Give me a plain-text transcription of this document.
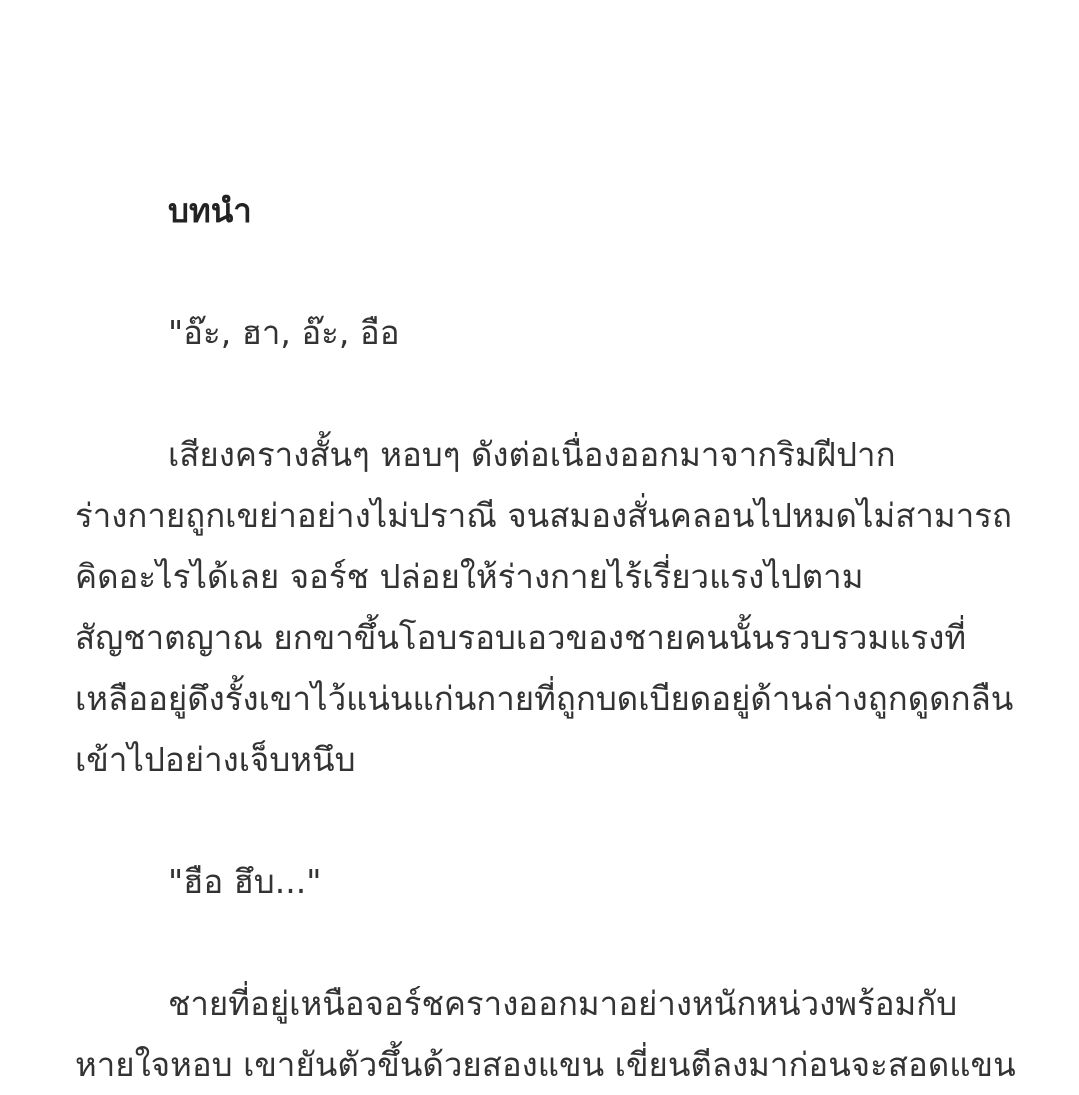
บทนำ

"อ๊ะ, ฮา, อ๊ะ, อือ

เสียงครางสั้นๆ หอบๆ ดังต่อเนื่องออกมาจากริมฝีปาก
ร่างกายถูกเขย่าอย่างไม่ปราณี จนสมองสั่นคลอนไปหมดไม่สามารถ
คิดอะไรได้เลย จอร์ช ปล่อยให้ร่างกายไร้เรี่ยวแรงไปตาม
สัญชาตญาณ ยกขาขึ้นโอบรอบเอวของชายคนนั้นรวบรวมแรงที่
เหลืออยู่ดึงรั้งเขาไว้แน่นแก่นกายที่ถูกบดเบียดอยู่ด้านล่างถูกดูดกลืน
เข้าไปอย่างเจ็บหนึบ

"ฮือ ฮึบ..."

ชายที่อยู่เหนือจอร์ชครางออกมาอย่างหนักหน่วงพร้อมกับ
หายใจหอบ เขายันตัวขึ้นด้วยสองแขน เขี่ยนตีลงมาก่อนจะสอดแขน
